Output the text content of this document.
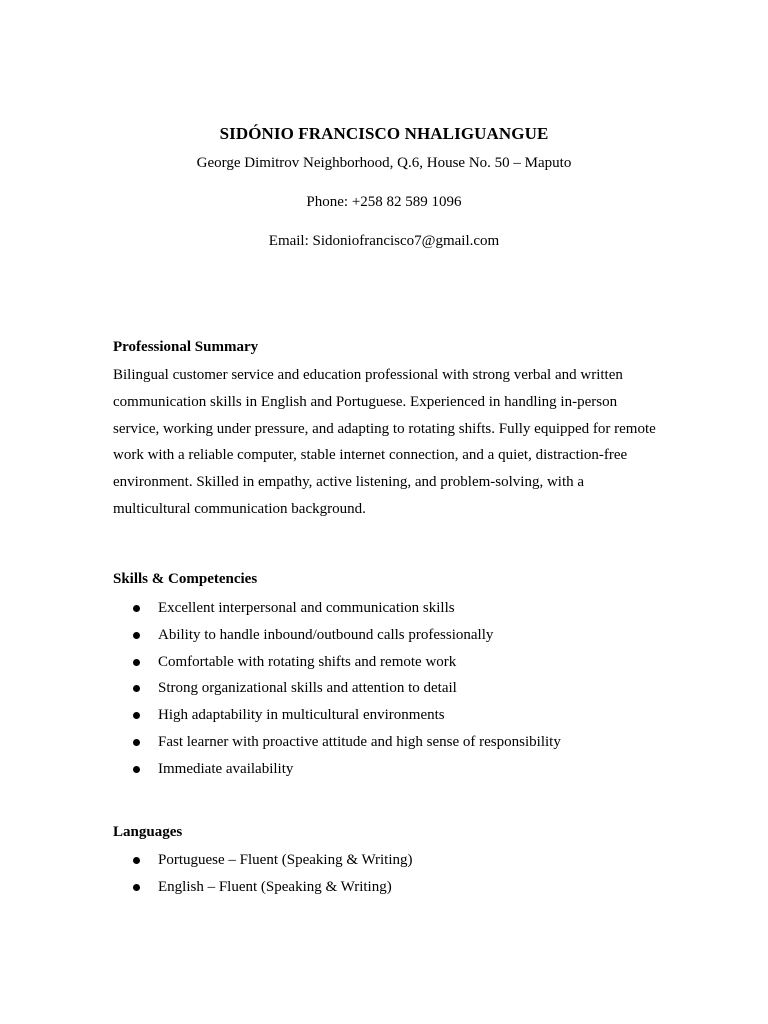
SIDÓNIO FRANCISCO NHALIGUANGUE
George Dimitrov Neighborhood, Q.6, House No. 50 – Maputo
Phone: +258 82 589 1096
Email: Sidoniofrancisco7@gmail.com
Professional Summary

Bilingual customer service and education professional with strong verbal and written communication skills in English and Portuguese. Experienced in handling in-person service, working under pressure, and adapting to rotating shifts. Fully equipped for remote work with a reliable computer, stable internet connection, and a quiet, distraction-free environment. Skilled in empathy, active listening, and problem-solving, with a multicultural communication background.

Skills & Competencies
Excellent interpersonal and communication skills
Ability to handle inbound/outbound calls professionally
Comfortable with rotating shifts and remote work
Strong organizational skills and attention to detail
High adaptability in multicultural environments
Fast learner with proactive attitude and high sense of responsibility
Immediate availability
Languages
Portuguese – Fluent (Speaking & Writing)
English – Fluent (Speaking & Writing)
